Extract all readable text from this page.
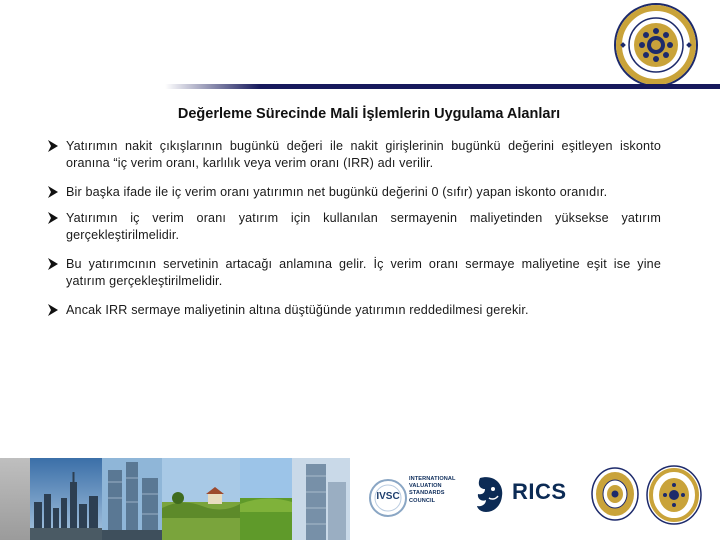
Değerleme Sürecinde Mali İşlemlerin Uygulama Alanları
Yatırımın nakit çıkışlarının bugünkü değeri ile nakit girişlerinin bugünkü değerini eşitleyen iskonto oranına “iç verim oranı, karlılık veya verim oranı (IRR) adı verilir.
Bir başka ifade ile iç verim oranı yatırımın net bugünkü değerini 0 (sıfır) yapan iskonto oranıdır.
Yatırımın iç verim oranı yatırım için kullanılan sermayenin maliyetinden yüksekse yatırım gerçekleştirilmelidir.
Bu yatırımcının servetinin artacağı anlamına gelir. İç verim oranı sermaye maliyetine eşit ise yine yatırım gerçekleştirilmelidir.
Ancak IRR sermaye maliyetinin altına düştüğünde yatırımın reddedilmesi gerekir.
IVSC
INTERNATIONAL
VALUATION
STANDARDS
COUNCIL	RICS
